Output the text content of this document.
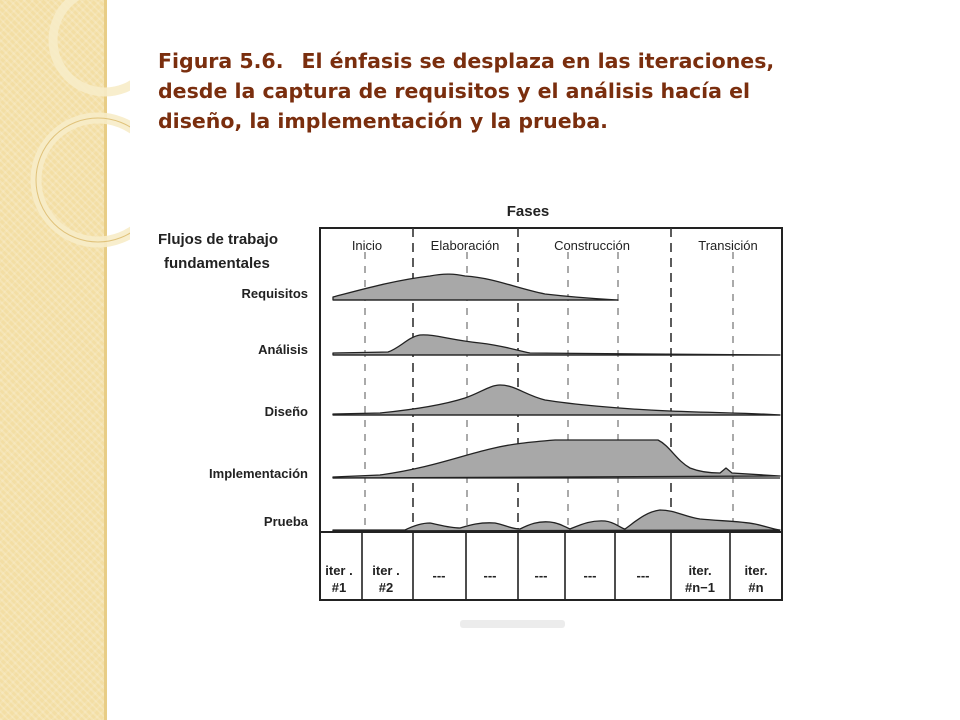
Figura 5.6. El énfasis se desplaza en las iteraciones,
desde la captura de requisitos y el análisis hacía el
diseño, la implementación y la prueba.
Fases
Flujos de trabajo
fundamentales
Inicio	Elaboración	Construcción	Transición
Requisitos
Análisis
Diseño
Implementación
Prueba
iter .
#1
iter .
#2
---	---	---	---	---	iter.
#n−1
iter.
#n
